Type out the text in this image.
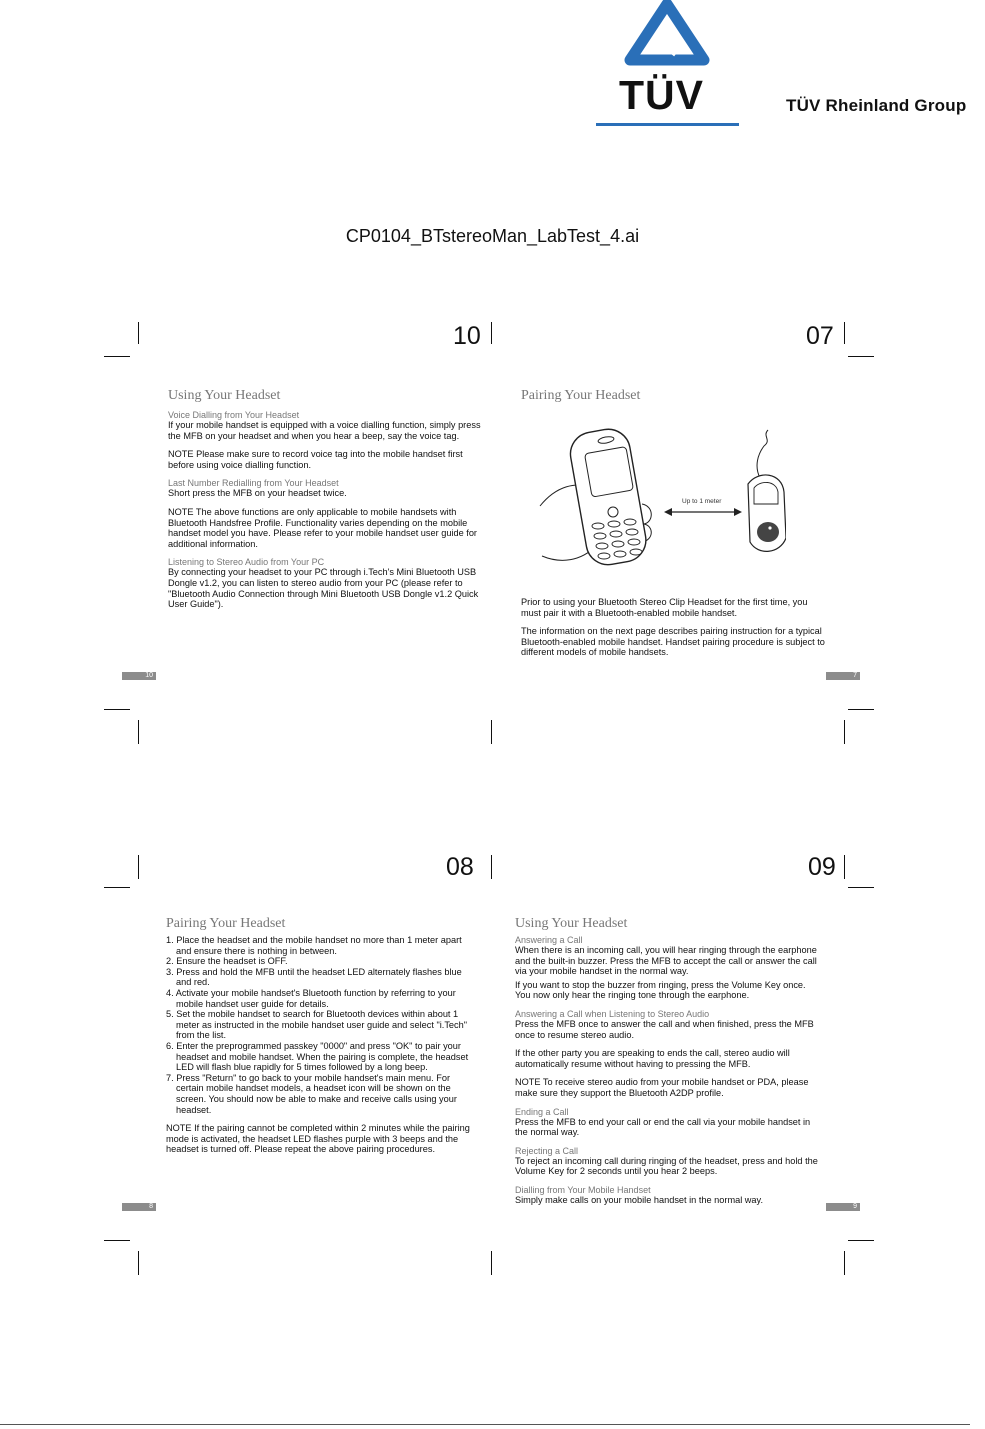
TÜV	TÜV Rheinland Group
CP0104_BTstereoMan_LabTest_4.ai
10
Using Your Headset
Voice Dialling from Your Headset
If your mobile handset is equipped with a voice dialling function, simply press the MFB on your headset and when you hear a beep, say the voice tag.
NOTE Please make sure to record voice tag into the mobile handset first before using voice dialling function.
Last Number Redialling from Your Headset
Short press the MFB on your headset twice.
NOTE The above functions are only applicable to mobile handsets with Bluetooth Handsfree Profile. Functionality varies depending on the mobile handset model you have. Please refer to your mobile handset user guide for additional information.
Listening to Stereo Audio from Your PC
By connecting your headset to your PC through i.Tech's Mini Bluetooth USB Dongle v1.2, you can listen to stereo audio from your PC (please refer to "Bluetooth Audio Connection through Mini Bluetooth USB Dongle v1.2 Quick User Guide").
10
07
Pairing Your Headset
Up to 1 meter
Prior to using your Bluetooth Stereo Clip Headset for the first time, you must pair it with a Bluetooth-enabled mobile handset.
The information on the next page describes pairing instruction for a typical Bluetooth-enabled mobile handset. Handset pairing procedure is subject to different models of mobile handsets.
7
08
Pairing Your Headset
1. Place the headset and the mobile handset no more than 1 meter apart and ensure there is nothing in between.
2. Ensure the headset is OFF.
3. Press and hold the MFB until the headset LED alternately flashes blue and red.
4. Activate your mobile handset's Bluetooth function by referring to your mobile handset user guide for details.
5. Set the mobile handset to search for Bluetooth devices within about 1 meter as instructed in the mobile handset user guide and select "i.Tech" from the list.
6. Enter the preprogrammed passkey "0000" and press "OK" to pair your headset and mobile handset. When the pairing is complete, the headset LED will flash blue rapidly for 5 times followed by a long beep.
7. Press "Return" to go back to your mobile handset's main menu. For certain mobile handset models, a headset icon will be shown on the screen. You should now be able to make and receive calls using your headset.
NOTE If the pairing cannot be completed within 2 minutes while the pairing mode is activated, the headset LED flashes purple with 3 beeps and the headset is turned off. Please repeat the above pairing procedures.
8
09
Using Your Headset
Answering a Call
When there is an incoming call, you will hear ringing through the earphone and the built-in buzzer. Press the MFB to accept the call or answer the call via your mobile handset in the normal way.
If you want to stop the buzzer from ringing, press the Volume Key once. You now only hear the ringing tone through the earphone.
Answering a Call when Listening to Stereo Audio
Press the MFB once to answer the call and when finished, press the MFB once to resume stereo audio.
If the other party you are speaking to ends the call, stereo audio will automatically resume without having to pressing the MFB.
NOTE To receive stereo audio from your mobile handset or PDA, please make sure they support the Bluetooth A2DP profile.
Ending a Call
Press the MFB to end your call or end the call via your mobile handset in the normal way.
Rejecting a Call
To reject an incoming call during ringing of the headset, press and hold the Volume Key for 2 seconds until you hear 2 beeps.
Dialling from Your Mobile Handset
Simply make calls on your mobile handset in the normal way.
9
